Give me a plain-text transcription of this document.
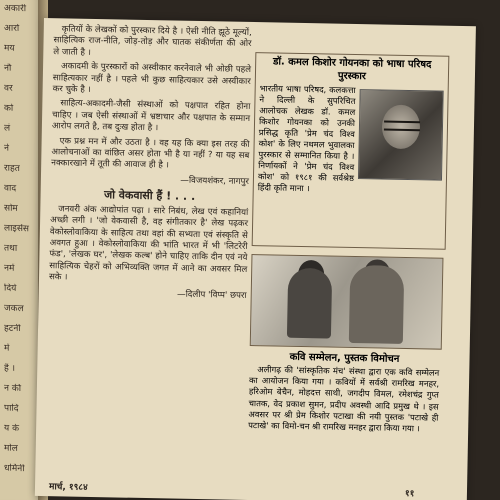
अकारी
आरो
मय
नौ
वर
को
लं
ने
राहत
वाद
सोम
लाइसेंस
तथा
नमें
दिये
जकल
हटनी
में
हैं ।
न की
पादि
य के
मोल
धर्मिनी

कृतियों के लेखकों को पुरस्कार दिये है । ऐसी नीति झूठे मूल्यों, साहित्यिक राज-नीति, जोड़-तोड़ और घातक संकीर्णता की ओर ले जाती है ।

अकादमी के पुरस्कारों को अस्वीकार करनेवाले भी ओछी पहले साहित्यकार नहीं है । पहले भी कुछ साहित्यकार उसे अस्वीकार कर चुके है ।

साहित्य-अकादमी-जैसी संस्थाओं को पक्षपात रहित होना चाहिए । जब ऐसी संस्थाओं में भ्रष्टाचार और पक्षपात के सम्मान आरोप लगते है, तब दुःख होता है ।

एक प्रश्न मन में और उठता है । वह यह कि क्या इस तरह की आलोचनाओं का वांछित असर होता भी है या नहीं ? या यह सब नक्कारखाने में तूती की आवाज ही है ।

—विजयशंकर, नागपुर
जो वेकवासी हैं ! . . .

जनवरी अंक आद्योपांत पढ़ा । सारे निबंध, लेख एवं कहानियां अच्छी लगी । 'जो वेकवासी है, वह संगीतकार है' लेख पढ़कर वेकोस्लोवाकिया के साहित्य तथा वहां की सभ्यता एवं संस्कृति से अवगत हुआ । वेकोस्लोवाकिया की भांति भारत में भी 'लिटरेरी फंड', 'लेखक घर', 'लेखक कल्ब' होने चाहिए ताकि दीन एवं नये साहित्यिक चेहरों को अभिव्यक्ति जगत में आने का अवसर मिल सके ।

—दिलीप 'विप्प' छपरा
डॉ. कमल किशोर गोयनका को भाषा परिषद पुरस्कार
भारतीय भाषा परिषद, कलकत्ता ने दिल्ली के सुपरिचित आलोचक लेखक डॉ. कमल किशोर गोयनका को उनकी प्रसिद्ध कृति 'प्रेम चंद विश्व कोश' के लिए नथमल भुवालका पुरस्कार से सम्मानित किया है । निर्णायकों ने 'प्रेम चंद विश्व कोश' को १९८१ की सर्वश्रेष्ठ हिंदी कृति माना ।
कवि सम्मेलन, पुस्तक विमोचन
अलीगढ़ की 'सांस्कृतिक मंच' संस्था द्वारा एक कवि सम्मेलन का आयोजन किया गया । कवियों में सर्वश्री रामरिख मनहर, हरिओम बेचैन, मोहदत्त साथी, जगदीप विमल, रमेशचंद्र गुप्त चातक, वेद प्रकाश सुमन, प्रदीप अवस्थी आदि प्रमुख थे । इस अवसर पर श्री प्रेम किशोर पटाखा की नयी पुस्तक 'पटाखे ही पटाखे' का विमो-चन श्री रामरिख मनहर द्वारा किया गया ।
मार्च, १९८४
११
